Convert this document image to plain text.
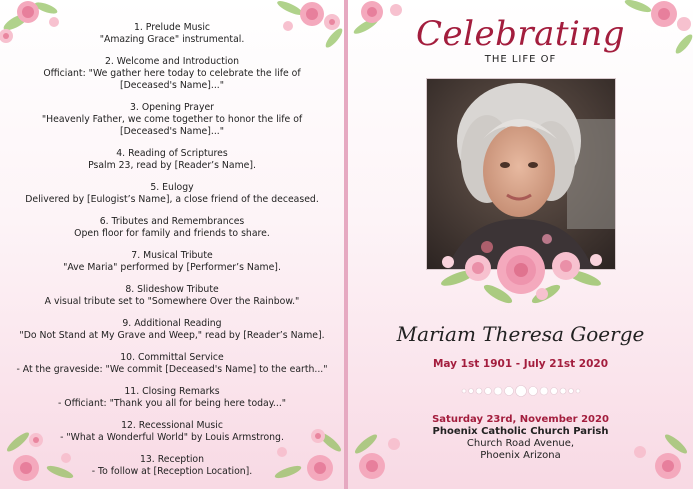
1. Prelude Music
"Amazing Grace" instrumental.
2. Welcome and Introduction
Officiant: "We gather here today to celebrate the life of
[Deceased's Name]..."
3. Opening Prayer
"Heavenly Father, we come together to honor the life of
[Deceased's Name]..."
4. Reading of Scriptures
Psalm 23, read by [Reader’s Name].
5. Eulogy
Delivered by [Eulogist’s Name], a close friend of the deceased.
6. Tributes and Remembrances
Open floor for family and friends to share.
7. Musical Tribute
"Ave Maria" performed by [Performer’s Name].
8. Slideshow Tribute
A visual tribute set to "Somewhere Over the Rainbow."
9. Additional Reading
"Do Not Stand at My Grave and Weep," read by [Reader’s Name].
10. Committal Service
- At the graveside: "We commit [Deceased's Name] to the earth..."
11. Closing Remarks
- Officiant: "Thank you all for being here today..."
12. Recessional Music
- "What a Wonderful World" by Louis Armstrong.
13. Reception
- To follow at [Reception Location].
Celebrating
THE LIFE OF
Mariam Theresa Goerge
May 1st 1901 - July 21st 2020
Saturday 23rd, November 2020
Phoenix Catholic Church Parish
Church Road Avenue,
Phoenix Arizona
